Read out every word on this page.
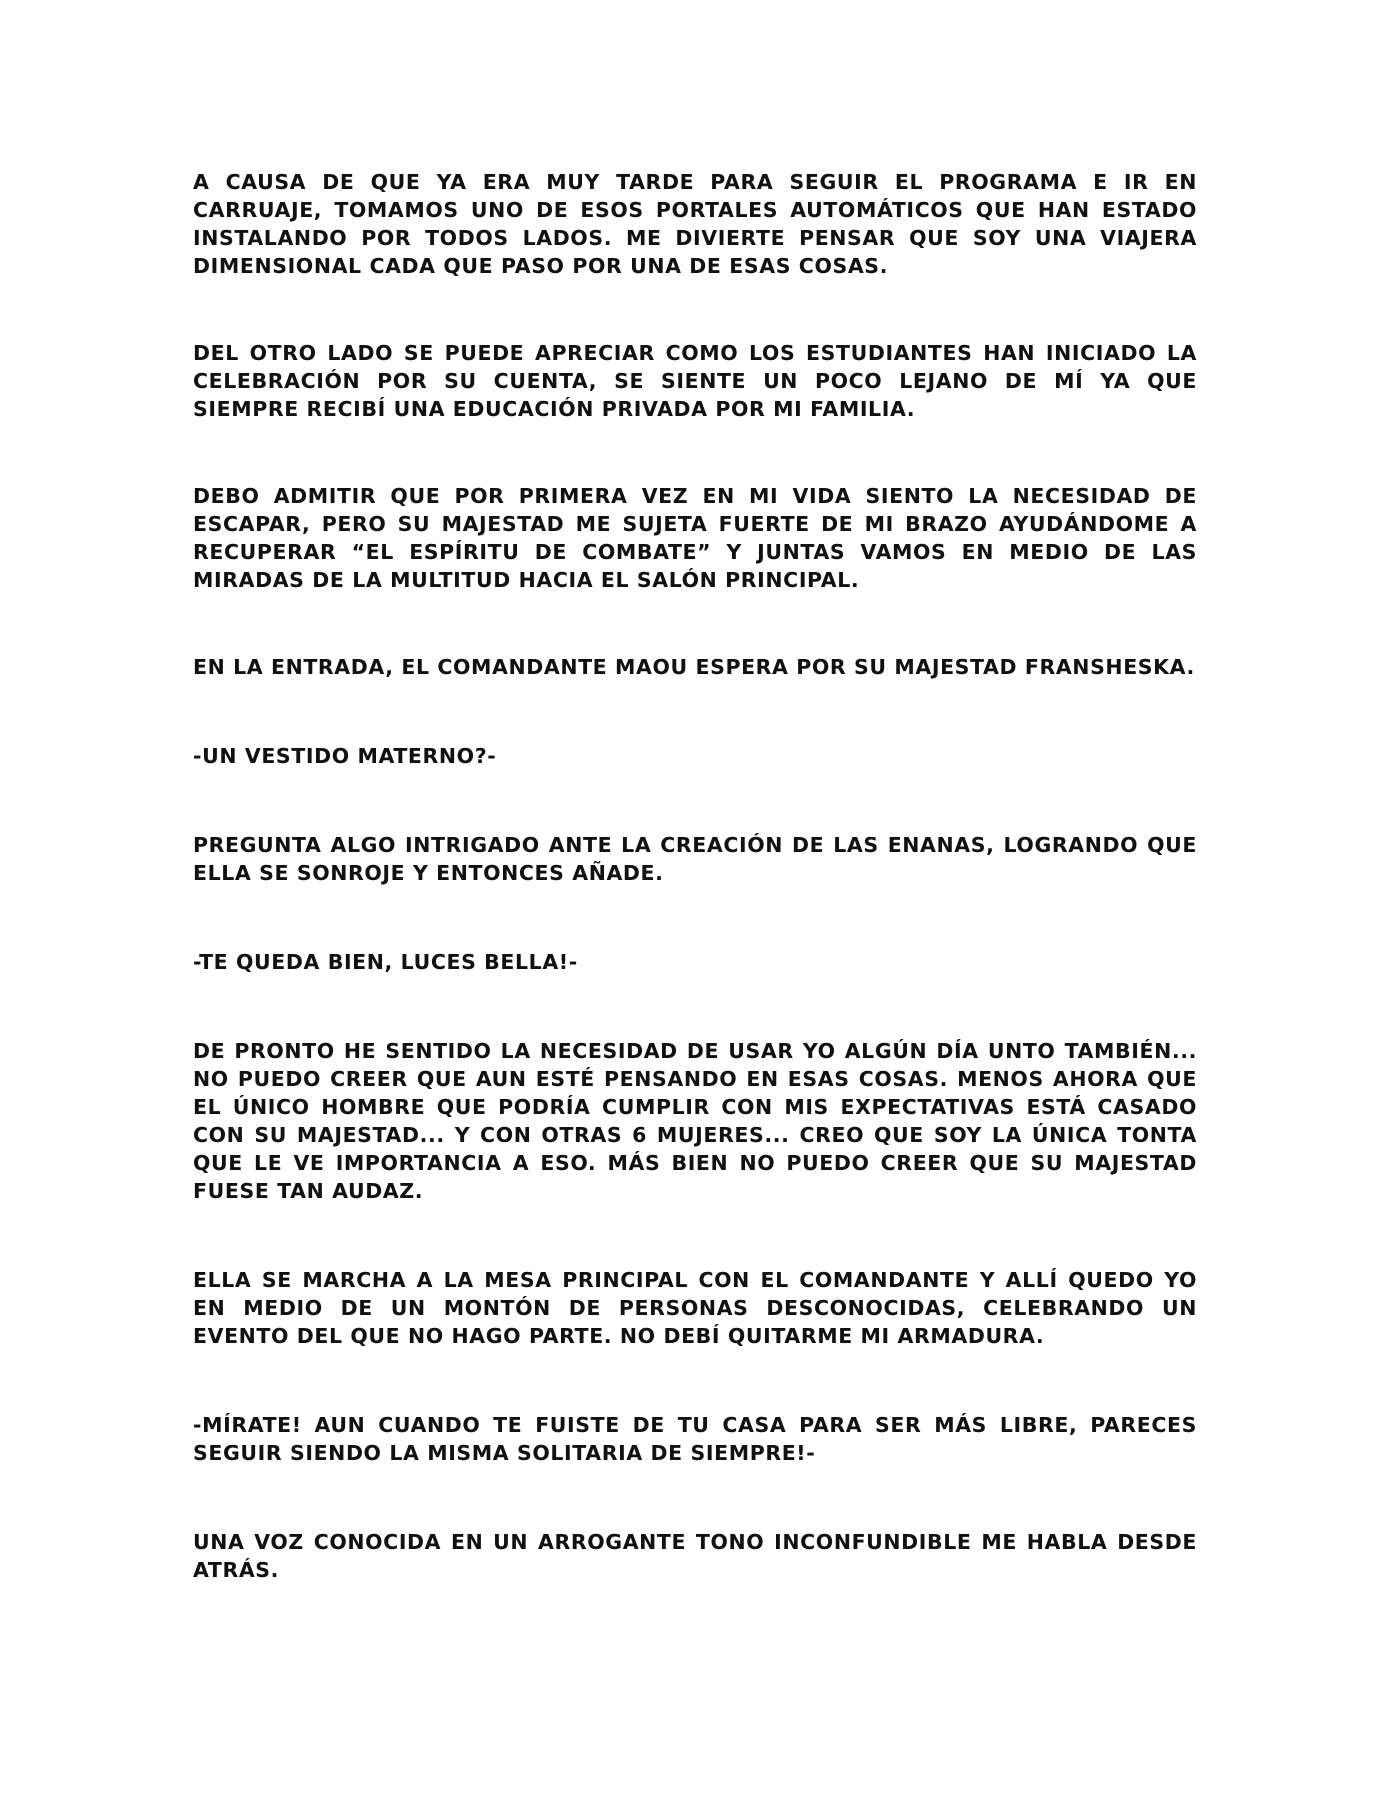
A CAUSA DE QUE YA ERA MUY TARDE PARA SEGUIR EL PROGRAMA E IR EN CARRUAJE, TOMAMOS UNO DE ESOS PORTALES AUTOMÁTICOS QUE HAN ESTADO INSTALANDO POR TODOS LADOS. ME DIVIERTE PENSAR QUE SOY UNA VIAJERA DIMENSIONAL CADA QUE PASO POR UNA DE ESAS COSAS.

DEL OTRO LADO SE PUEDE APRECIAR COMO LOS ESTUDIANTES HAN INICIADO LA CELEBRACIÓN POR SU CUENTA, SE SIENTE UN POCO LEJANO DE MÍ YA QUE SIEMPRE RECIBÍ UNA EDUCACIÓN PRIVADA POR MI FAMILIA.

DEBO ADMITIR QUE POR PRIMERA VEZ EN MI VIDA SIENTO LA NECESIDAD DE ESCAPAR, PERO SU MAJESTAD ME SUJETA FUERTE DE MI BRAZO AYUDÁNDOME A RECUPERAR “EL ESPÍRITU DE COMBATE” Y JUNTAS VAMOS EN MEDIO DE LAS MIRADAS DE LA MULTITUD HACIA EL SALÓN PRINCIPAL.

EN LA ENTRADA, EL COMANDANTE MAOU ESPERA POR SU MAJESTAD FRANSHESKA.

-UN VESTIDO MATERNO?-

PREGUNTA ALGO INTRIGADO ANTE LA CREACIÓN DE LAS ENANAS, LOGRANDO QUE ELLA SE SONROJE Y ENTONCES AÑADE.

-TE QUEDA BIEN, LUCES BELLA!-

DE PRONTO HE SENTIDO LA NECESIDAD DE USAR YO ALGÚN DÍA UNTO TAMBIÉN... NO PUEDO CREER QUE AUN ESTÉ PENSANDO EN ESAS COSAS. MENOS AHORA QUE EL ÚNICO HOMBRE QUE PODRÍA CUMPLIR CON MIS EXPECTATIVAS ESTÁ CASADO CON SU MAJESTAD... Y CON OTRAS 6 MUJERES... CREO QUE SOY LA ÚNICA TONTA QUE LE VE IMPORTANCIA A ESO. MÁS BIEN NO PUEDO CREER QUE SU MAJESTAD FUESE TAN AUDAZ.

ELLA SE MARCHA A LA MESA PRINCIPAL CON EL COMANDANTE Y ALLÍ QUEDO YO EN MEDIO DE UN MONTÓN DE PERSONAS DESCONOCIDAS, CELEBRANDO UN EVENTO DEL QUE NO HAGO PARTE. NO DEBÍ QUITARME MI ARMADURA.

-MÍRATE! AUN CUANDO TE FUISTE DE TU CASA PARA SER MÁS LIBRE, PARECES SEGUIR SIENDO LA MISMA SOLITARIA DE SIEMPRE!-

UNA VOZ CONOCIDA EN UN ARROGANTE TONO INCONFUNDIBLE ME HABLA DESDE ATRÁS.
